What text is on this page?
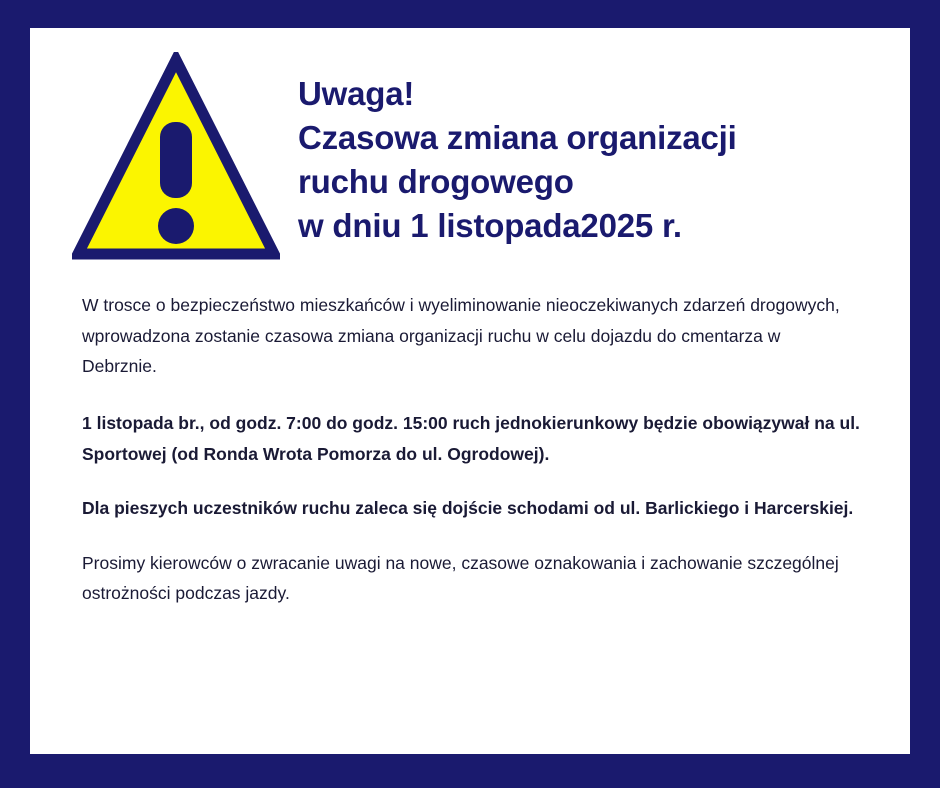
Uwaga!
Czasowa zmiana organizacji
ruchu drogowego
w dniu 1 listopada2025 r.

W trosce o bezpieczeństwo mieszkańców i wyeliminowanie nieoczekiwanych zdarzeń drogowych, wprowadzona zostanie czasowa zmiana organizacji ruchu w celu dojazdu do cmentarza w Debrznie.

1 listopada br., od godz. 7:00 do godz. 15:00 ruch jednokierunkowy będzie obowiązywał na ul. Sportowej (od Ronda Wrota Pomorza do ul. Ogrodowej).

Dla pieszych uczestników ruchu zaleca się dojście schodami od ul. Barlickiego i Harcerskiej.

Prosimy kierowców o zwracanie uwagi na nowe, czasowe oznakowania i zachowanie szczególnej ostrożności podczas jazdy.
